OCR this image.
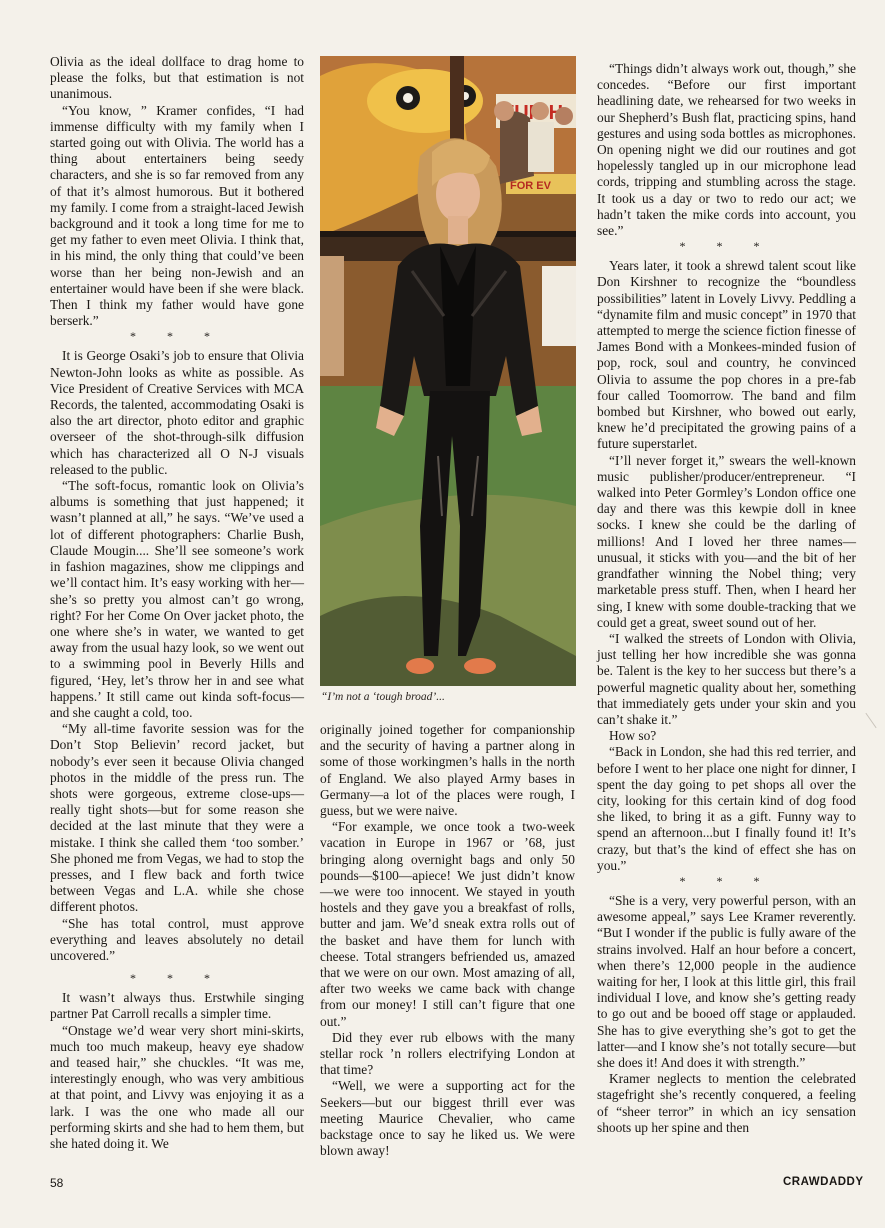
Olivia as the ideal dollface to drag home to please the folks, but that estimation is not unanimous.

“You know, ” Kramer confides, “I had immense difficulty with my family when I started going out with Olivia. The world has a thing about entertainers being seedy characters, and she is so far removed from any of that it’s almost humorous. But it bothered my family. I come from a straight-laced Jewish background and it took a long time for me to get my father to even meet Olivia. I think that, in his mind, the only thing that could’ve been worse than her being non-Jewish and an entertainer would have been if she were black. Then I think my father would have gone berserk.”

* * *

It is George Osaki’s job to ensure that Olivia Newton-John looks as white as possible. As Vice President of Creative Services with MCA Records, the talented, accommodating Osaki is also the art director, photo editor and graphic overseer of the shot-through-silk diffusion which has characterized all O N-J visuals released to the public.

“The soft-focus, romantic look on Olivia’s albums is something that just happened; it wasn’t planned at all,” he says. “We’ve used a lot of different photographers: Charlie Bush, Claude Mougin.... She’ll see someone’s work in fashion magazines, show me clippings and we’ll contact him. It’s easy working with her—she’s so pretty you almost can’t go wrong, right? For her Come On Over jacket photo, the one where she’s in water, we wanted to get away from the usual hazy look, so we went out to a swimming pool in Beverly Hills and figured, ‘Hey, let’s throw her in and see what happens.’ It still came out kinda soft-focus—and she caught a cold, too.

“My all-time favorite session was for the Don’t Stop Believin’ record jacket, but nobody’s ever seen it because Olivia changed photos in the middle of the press run. The shots were gorgeous, extreme close-ups—really tight shots—but for some reason she decided at the last minute that they were a mistake. I think she called them ‘too somber.’ She phoned me from Vegas, we had to stop the presses, and I flew back and forth twice between Vegas and L.A. while she chose different photos.

“She has total control, must approve everything and leaves absolutely no detail uncovered.”

* * *

It wasn’t always thus. Erstwhile singing partner Pat Carroll recalls a simpler time.

“Onstage we’d wear very short mini-skirts, much too much makeup, heavy eye shadow and teased hair,” she chuckles. “It was me, interestingly enough, who was very ambitious at that point, and Livvy was enjoying it as a lark. I was the one who made all our performing skirts and she had to hem them, but she hated doing it. We

FUN
FOR EV
“I’m not a ‘tough broad’...

originally joined together for companionship and the security of having a partner along in some of those workingmen’s halls in the north of England. We also played Army bases in Germany—a lot of the places were rough, I guess, but we were naive.

“For example, we once took a two-week vacation in Europe in 1967 or ’68, just bringing along overnight bags and only 50 pounds—$100—apiece! We just didn’t know—we were too innocent. We stayed in youth hostels and they gave you a breakfast of rolls, butter and jam. We’d sneak extra rolls out of the basket and have them for lunch with cheese. Total strangers befriended us, amazed that we were on our own. Most amazing of all, after two weeks we came back with change from our money! I still can’t figure that one out.”

Did they ever rub elbows with the many stellar rock ’n rollers electrifying London at that time?

“Well, we were a supporting act for the Seekers—but our biggest thrill ever was meeting Maurice Chevalier, who came backstage once to say he liked us. We were blown away!

“Things didn’t always work out, though,” she concedes. “Before our first important headlining date, we rehearsed for two weeks in our Shepherd’s Bush flat, practicing spins, hand gestures and using soda bottles as microphones. On opening night we did our routines and got hopelessly tangled up in our microphone lead cords, tripping and stumbling across the stage. It took us a day or two to redo our act; we hadn’t taken the mike cords into account, you see.”

* * *

Years later, it took a shrewd talent scout like Don Kirshner to recognize the “boundless possibilities” latent in Lovely Livvy. Peddling a “dynamite film and music concept” in 1970 that attempted to merge the science fiction finesse of James Bond with a Monkees-minded fusion of pop, rock, soul and country, he convinced Olivia to assume the pop chores in a pre-fab four called Toomorrow. The band and film bombed but Kirshner, who bowed out early, knew he’d precipitated the growing pains of a future superstarlet.

“I’ll never forget it,” swears the well-known music publisher/producer/entrepreneur. “I walked into Peter Gormley’s London office one day and there was this kewpie doll in knee socks. I knew she could be the darling of millions! And I loved her three names—unusual, it sticks with you—and the bit of her grandfather winning the Nobel thing; very marketable press stuff. Then, when I heard her sing, I knew with some double-tracking that we could get a great, sweet sound out of her.

“I walked the streets of London with Olivia, just telling her how incredible she was gonna be. Talent is the key to her success but there’s a powerful magnetic quality about her, something that immediately gets under your skin and you can’t shake it.”

How so?

“Back in London, she had this red terrier, and before I went to her place one night for dinner, I spent the day going to pet shops all over the city, looking for this certain kind of dog food she liked, to bring it as a gift. Funny way to spend an afternoon...but I finally found it! It’s crazy, but that’s the kind of effect she has on you.”

* * *

“She is a very, very powerful person, with an awesome appeal,” says Lee Kramer reverently. “But I wonder if the public is fully aware of the strains involved. Half an hour before a concert, when there’s 12,000 people in the audience waiting for her, I look at this little girl, this frail individual I love, and know she’s getting ready to go out and be booed off stage or applauded. She has to give everything she’s got to get the latter—and I know she’s not totally secure—but she does it! And does it with strength.”

Kramer neglects to mention the celebrated stagefright she’s recently conquered, a feeling of “sheer terror” in which an icy sensation shoots up her spine and then

58	CRAWDADDY
